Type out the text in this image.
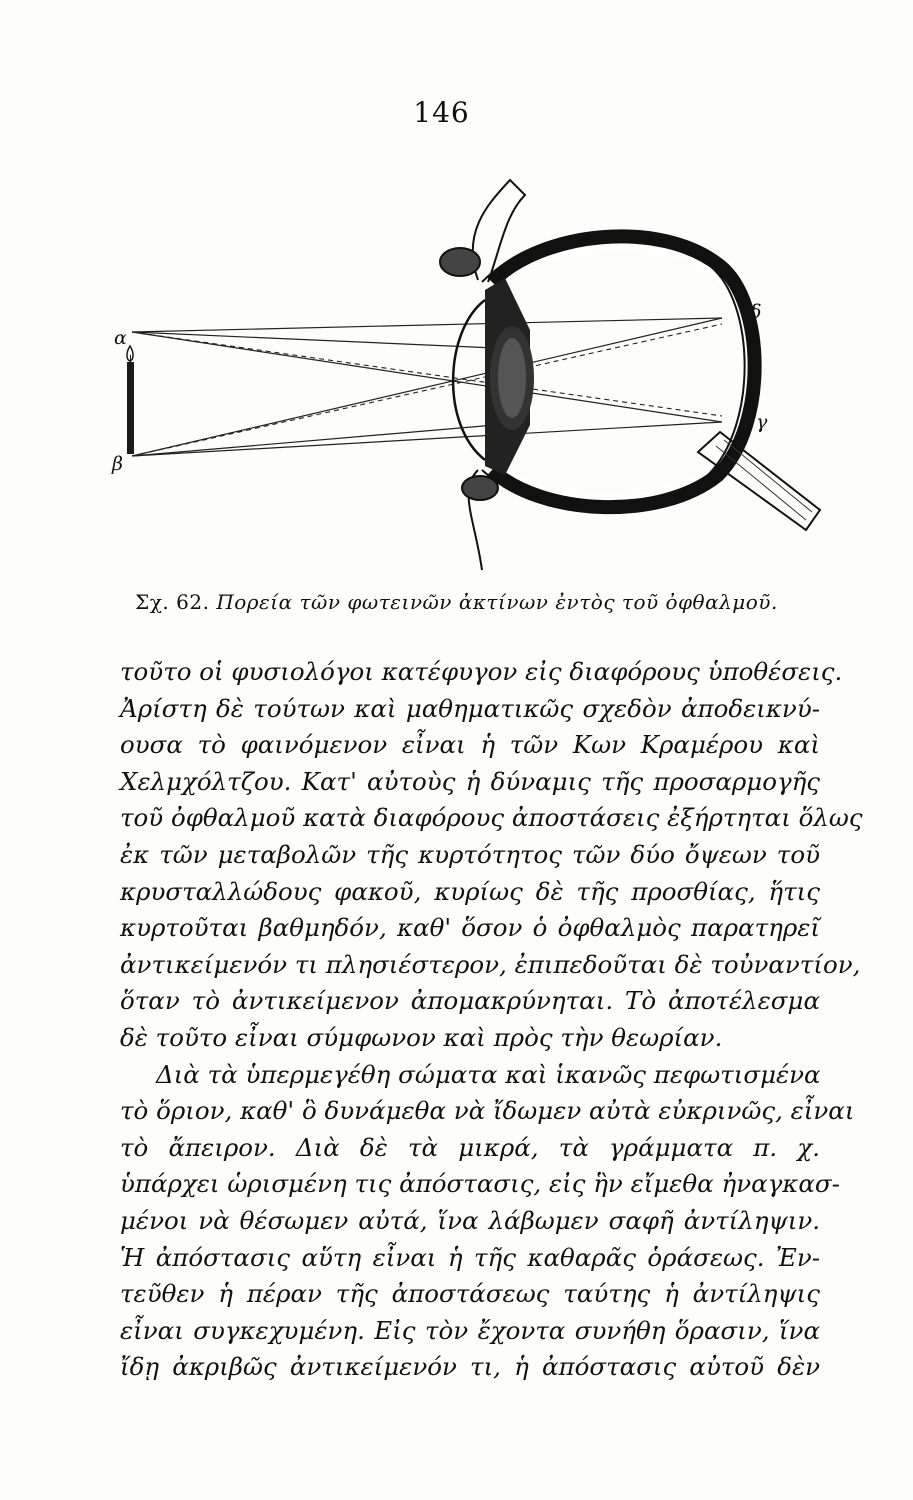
146
α
β
δ
γ
Σχ. 62. Πορεία τῶν φωτεινῶν ἀκτίνων ἐντὸς τοῦ ὀφθαλμοῦ.
τοῦτο οἱ φυσιολόγοι κατέφυγον εἰς διαφόρους ὑποθέσεις.
Ἀρίστη δὲ τούτων καὶ μαθηματικῶς σχεδὸν ἀποδεικνύ-
ουσα τὸ φαινόμενον εἶναι ἡ τῶν Κων Κραμέρου καὶ
Χελμχόλτζου. Κατ' αὐτοὺς ἡ δύναμις τῆς προσαρμογῆς
τοῦ ὀφθαλμοῦ κατὰ διαφόρους ἀποστάσεις ἐξήρτηται ὅλως
ἐκ τῶν μεταβολῶν τῆς κυρτότητος τῶν δύο ὄψεων τοῦ
κρυσταλλώδους φακοῦ, κυρίως δὲ τῆς προσθίας, ἥτις
κυρτοῦται βαθμηδόν, καθ' ὅσον ὁ ὀφθαλμὸς παρατηρεῖ
ἀντικείμενόν τι πλησιέστερον, ἐπιπεδοῦται δὲ τοὐναντίον,
ὅταν τὸ ἀντικείμενον ἀπομακρύνηται. Τὸ ἀποτέλεσμα
δὲ τοῦτο εἶναι σύμφωνον καὶ πρὸς τὴν θεωρίαν.
Διὰ τὰ ὑπερμεγέθη σώματα καὶ ἱκανῶς πεφωτισμένα
τὸ ὅριον, καθ' ὃ δυνάμεθα νὰ ἴδωμεν αὐτὰ εὐκρινῶς, εἶναι
τὸ ἄπειρον. Διὰ δὲ τὰ μικρά, τὰ γράμματα π. χ.
ὑπάρχει ὡρισμένη τις ἀπόστασις, εἰς ἣν εἴμεθα ἠναγκασ-
μένοι νὰ θέσωμεν αὐτά, ἵνα λάβωμεν σαφῆ ἀντίληψιν.
Ἡ ἀπόστασις αὕτη εἶναι ἡ τῆς καθαρᾶς ὁράσεως. Ἐν-
τεῦθεν ἡ πέραν τῆς ἀποστάσεως ταύτης ἡ ἀντίληψις
εἶναι συγκεχυμένη. Εἰς τὸν ἔχοντα συνήθη ὅρασιν, ἵνα
ἴδῃ ἀκριβῶς ἀντικείμενόν τι, ἡ ἀπόστασις αὐτοῦ δὲν
